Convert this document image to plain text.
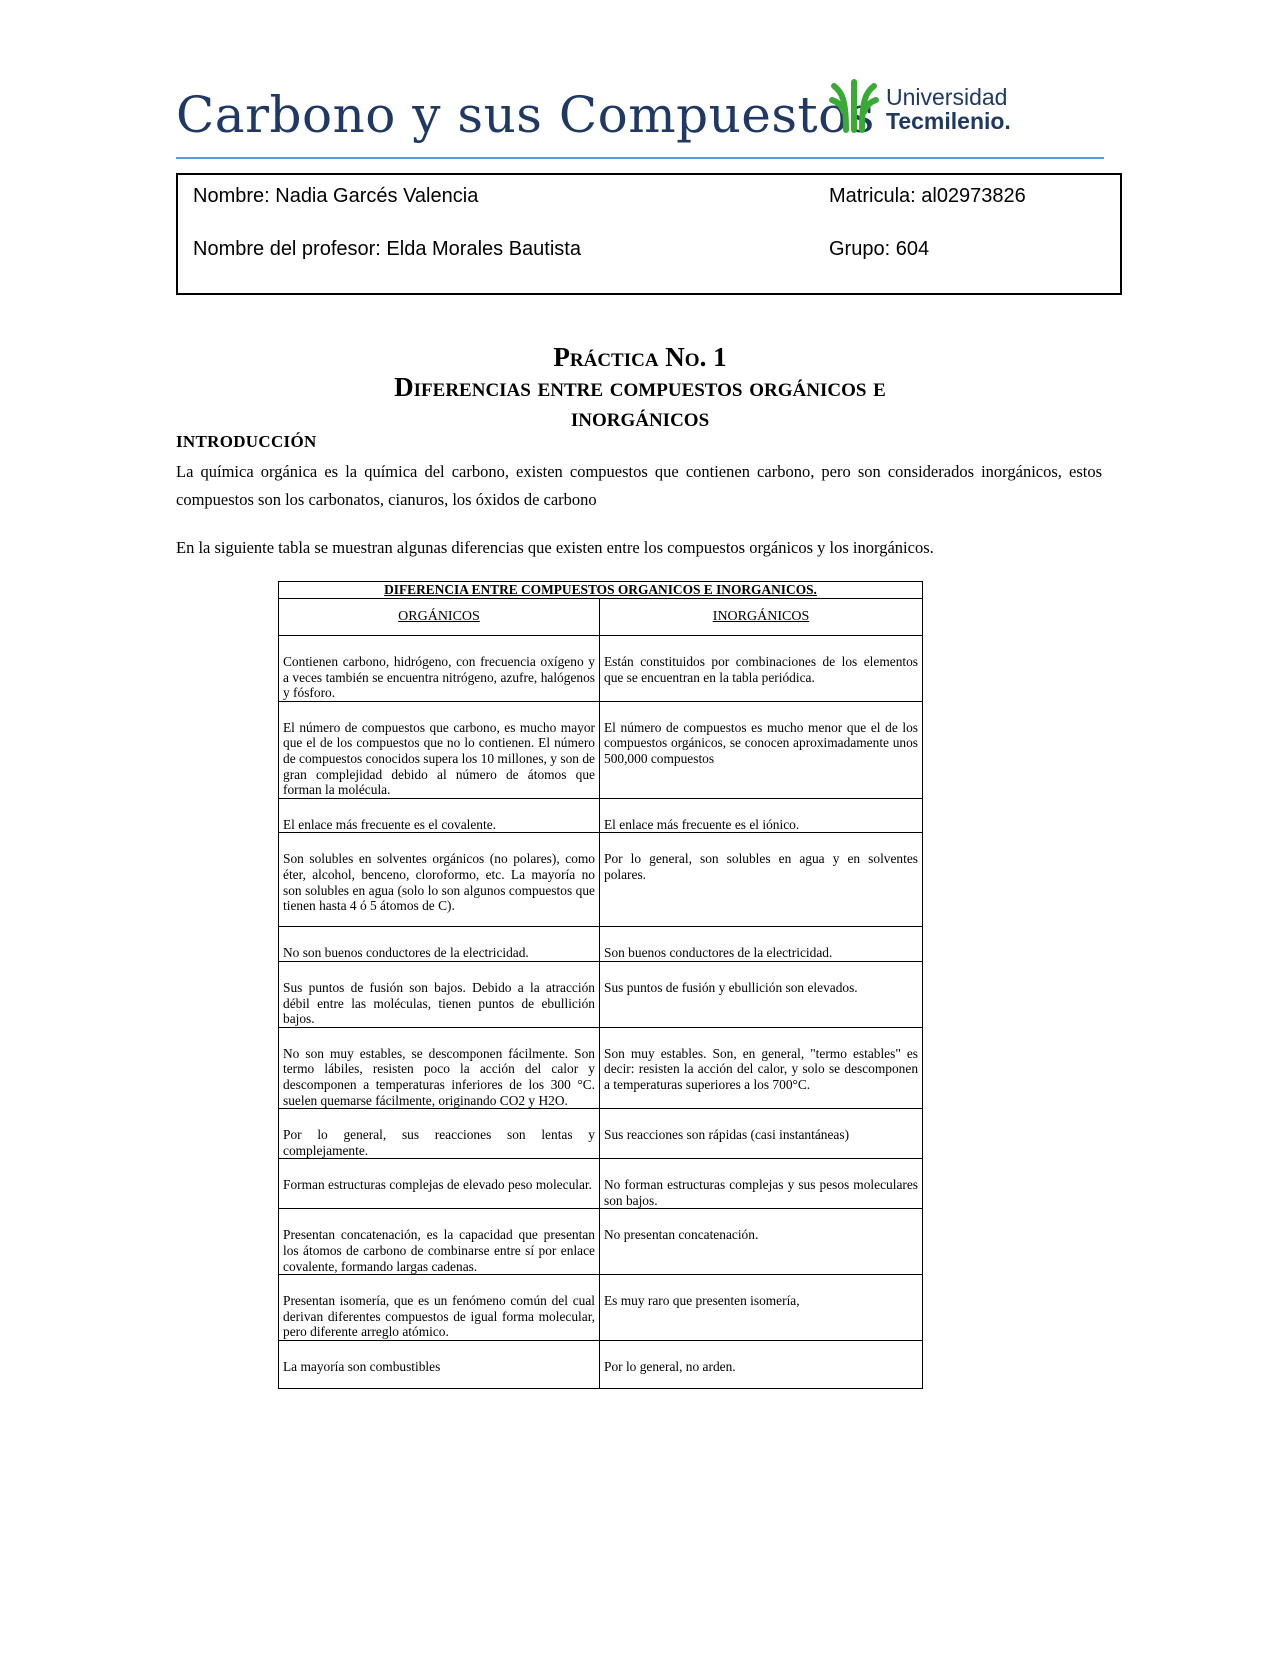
Carbono y sus Compuestos Universidad
Tecmilenio.
Nombre: Nadia Garcés Valencia	Matricula: al02973826
Nombre del profesor: Elda Morales Bautista	Grupo: 604
Práctica No. 1
Diferencias entre compuestos orgánicos e
inorgánicos
INTRODUCCIÓN

La química orgánica es la química del carbono, existen compuestos que contienen carbono, pero son considerados inorgánicos, estos compuestos son los carbonatos, cianuros, los óxidos de carbono

En la siguiente tabla se muestran algunas diferencias que existen entre los compuestos orgánicos y los inorgánicos.

DIFERENCIA ENTRE COMPUESTOS ORGANICOS E INORGANICOS.	
ORGÁNICOS	INORGÁNICOS
Contienen carbono, hidrógeno, con frecuencia oxígeno y a veces también se encuentra nitrógeno, azufre, halógenos y fósforo.	Están constituidos por combinaciones de los elementos que se encuentran en la tabla periódica.
El número de compuestos que carbono, es mucho mayor que el de los compuestos que no lo contienen. El número de compuestos conocidos supera los 10 millones, y son de gran complejidad debido al número de átomos que forman la molécula.	El número de compuestos es mucho menor que el de los compuestos orgánicos, se conocen aproximadamente unos 500,000 compuestos
El enlace más frecuente es el covalente.	El enlace más frecuente es el iónico.
Son solubles en solventes orgánicos (no polares), como éter, alcohol, benceno, cloroformo, etc. La mayoría no son solubles en agua (solo lo son algunos compuestos que tienen hasta 4 ó 5 átomos de C).	Por lo general, son solubles en agua y en solventes polares.
No son buenos conductores de la electricidad.	Son buenos conductores de la electricidad.
Sus puntos de fusión son bajos. Debido a la atracción débil entre las moléculas, tienen puntos de ebullición bajos.	Sus puntos de fusión y ebullición son elevados.
No son muy estables, se descomponen fácilmente. Son termo lábiles, resisten poco la acción del calor y descomponen a temperaturas inferiores de los 300 °C. suelen quemarse fácilmente, originando CO2 y H2O.	Son muy estables. Son, en general, "termo estables" es decir: resisten la acción del calor, y solo se descomponen a temperaturas superiores a los 700°C.
Por lo general, sus reacciones son lentas y complejamente.	Sus reacciones son rápidas (casi instantáneas)
Forman estructuras complejas de elevado peso molecular.	No forman estructuras complejas y sus pesos moleculares son bajos.
Presentan concatenación, es la capacidad que presentan los átomos de carbono de combinarse entre sí por enlace covalente, formando largas cadenas.	No presentan concatenación.
Presentan isomería, que es un fenómeno común del cual derivan diferentes compuestos de igual forma molecular, pero diferente arreglo atómico.	Es muy raro que presenten isomería,
La mayoría son combustibles	Por lo general, no arden.
